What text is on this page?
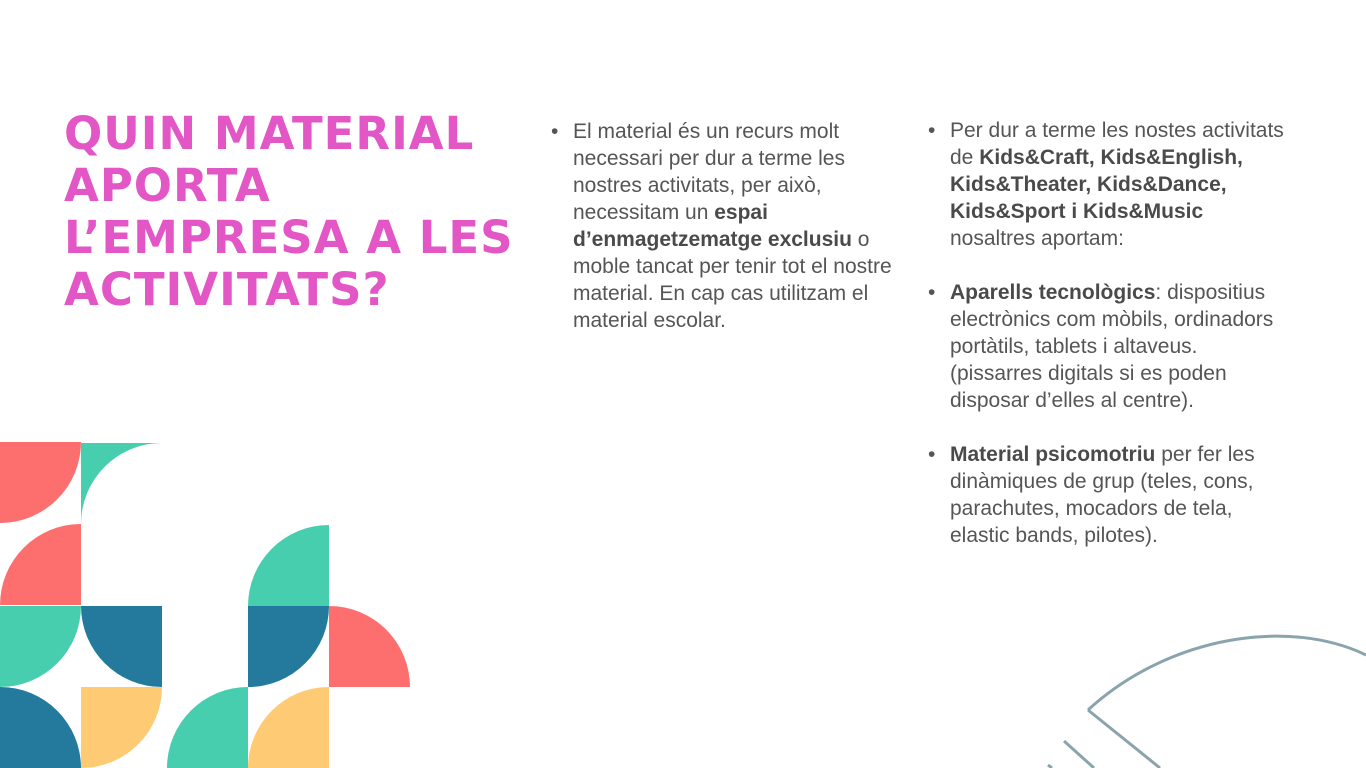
QUIN MATERIAL APORTA L’EMPRESA A LES ACTIVITATS?
• El material és un recurs molt necessari per dur a terme les nostres activitats, per això, necessitam un espai d’enmagetzematge exclusiu o moble tancat per tenir tot el nostre material. En cap cas utilitzam el material escolar.
• Per dur a terme les nostes activitats de Kids&Craft, Kids&English, Kids&Theater, Kids&Dance, Kids&Sport i Kids&Music nosaltres aportam:
• Aparells tecnològics: dispositius electrònics com mòbils, ordinadors portàtils, tablets i altaveus. (pissarres digitals si es poden disposar d’elles al centre).
• Material psicomotriu per fer les dinàmiques de grup (teles, cons, parachutes, mocadors de tela, elastic bands, pilotes).
